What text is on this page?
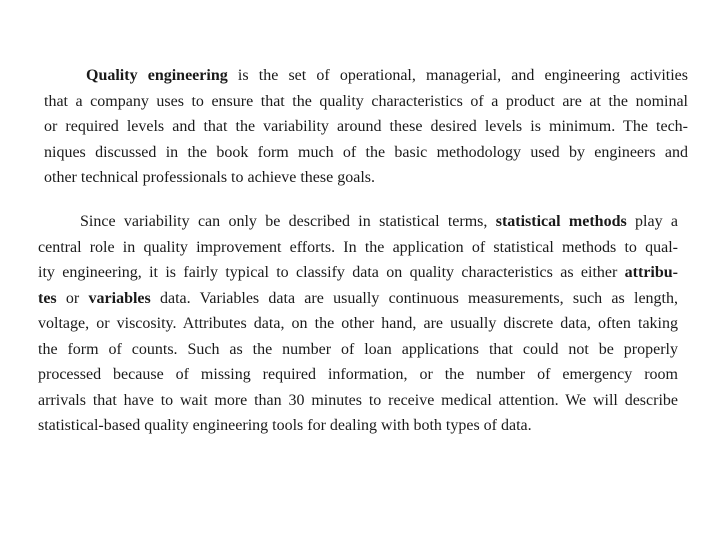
Quality engineering is the set of operational, managerial, and engineering activities
that a company uses to ensure that the quality characteristics of a product are at the nominal
or required levels and that the variability around these desired levels is minimum. The tech-
niques discussed in the book form much of the basic methodology used by engineers and
other technical professionals to achieve these goals.
Since variability can only be described in statistical terms, statistical methods play a
central role in quality improvement efforts. In the application of statistical methods to qual-
ity engineering, it is fairly typical to classify data on quality characteristics as either attribu-
tes or variables data. Variables data are usually continuous measurements, such as length,
voltage, or viscosity. Attributes data, on the other hand, are usually discrete data, often taking
the form of counts. Such as the number of loan applications that could not be properly
processed because of missing required information, or the number of emergency room
arrivals that have to wait more than 30 minutes to receive medical attention. We will describe
statistical-based quality engineering tools for dealing with both types of data.
